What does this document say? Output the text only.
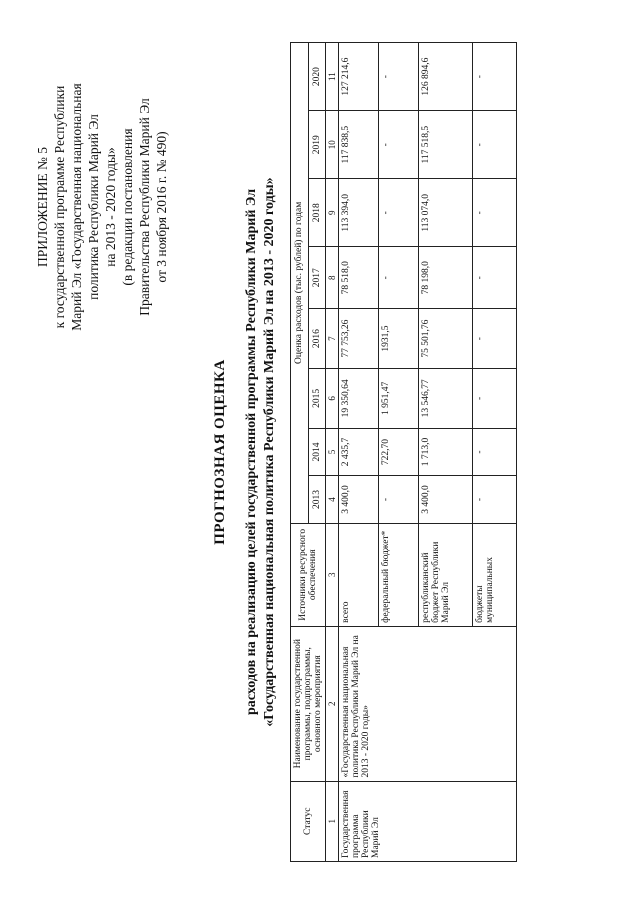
ПРИЛОЖЕНИЕ № 5 к государственной программе Республики Марий Эл «Государственная национальная политика Республики Марий Эл на 2013 - 2020 годы» (в редакции постановления Правительства Республики Марий Эл от 3 ноября 2016 г. № 490)
ПРОГНОЗНАЯ ОЦЕНКА расходов на реализацию целей государственной программы Республики Марий Эл «Государственная национальная политика Республики Марий Эл на 2013 - 2020 годы»
Статус	Наименование государственной программы, подпрограммы, основного мероприятия	Источники ресурсного обеспечения	Оценка расходов (тыс. рублей) по годам							
			2013	2014	2015	2016	2017	2018	2019	2020
1	2	3	4	5	6	7	8	9	10	11
Государственная программа Республики Марий Эл	«Государственная национальная политика Республики Марий Эл на 2013 - 2020 годы»	всего	3 400,0	2 435,7	19 350,64	77 753,26	78 518,0	113 394,0	117 838,5	127 214,6
		федеральный бюджет*	-	722,70	1 951,47	1931,5	-	-	-	-
		республиканский бюджет Республики Марий Эл	3 400,0	1 713,0	13 546,77	75 501,76	78 198,0	113 074,0	117 518,5	126 894,6
		бюджеты муниципальных	-	-	-	-	-	-	-	-
